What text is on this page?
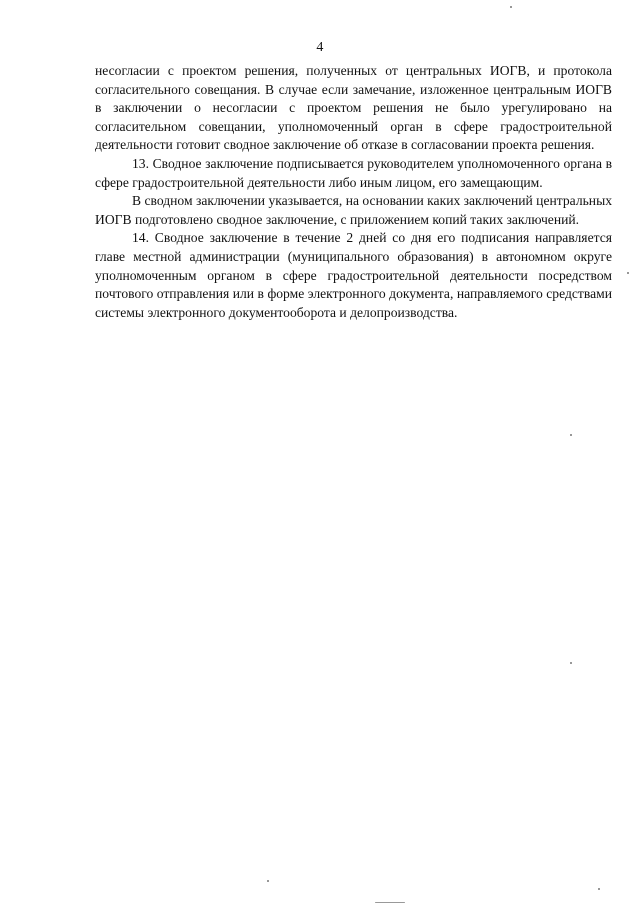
4

несогласии с проектом решения, полученных от центральных ИОГВ, и протокола согласительного совещания. В случае если замечание, изложенное центральным ИОГВ в заключении о несогласии с проектом решения не было урегулировано на согласительном совещании, уполномоченный орган в сфере градостроительной деятельности готовит сводное заключение об отказе в согласовании проекта решения.

13. Сводное заключение подписывается руководителем уполномоченного органа в сфере градостроительной деятельности либо иным лицом, его замещающим.

В сводном заключении указывается, на основании каких заключений центральных ИОГВ подготовлено сводное заключение, с приложением копий таких заключений.

14. Сводное заключение в течение 2 дней со дня его подписания направляется главе местной администрации (муниципального образования) в автономном округе уполномоченным органом в сфере градостроительной деятельности посредством почтового отправления или в форме электронного документа, направляемого средствами системы электронного документооборота и делопроизводства.
